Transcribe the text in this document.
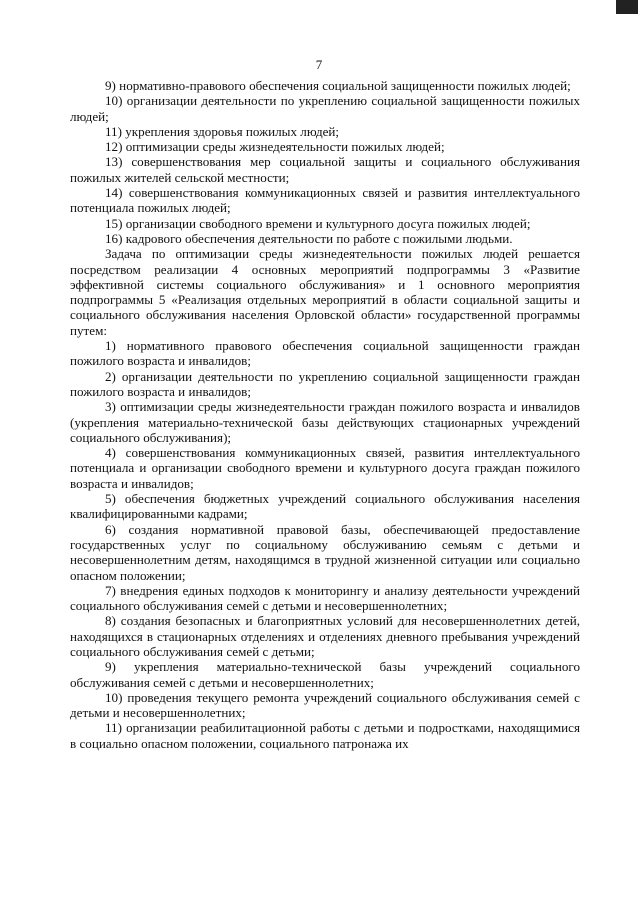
7

9) нормативно-правового обеспечения социальной защищенности пожилых людей;

10) организации деятельности по укреплению социальной защищенности пожилых людей;

11) укрепления здоровья пожилых людей;

12) оптимизации среды жизнедеятельности пожилых людей;

13) совершенствования мер социальной защиты и социального обслуживания пожилых жителей сельской местности;

14) совершенствования коммуникационных связей и развития интеллектуального потенциала пожилых людей;

15) организации свободного времени и культурного досуга пожилых людей;

16) кадрового обеспечения деятельности по работе с пожилыми людьми.

Задача по оптимизации среды жизнедеятельности пожилых людей решается посредством реализации 4 основных мероприятий подпрограммы 3 «Развитие эффективной системы социального обслуживания» и 1 основного мероприятия подпрограммы 5 «Реализация отдельных мероприятий в области социальной защиты и социального обслуживания населения Орловской области» государственной программы путем:

1) нормативного правового обеспечения социальной защищенности граждан пожилого возраста и инвалидов;

2) организации деятельности по укреплению социальной защищенности граждан пожилого возраста и инвалидов;

3) оптимизации среды жизнедеятельности граждан пожилого возраста и инвалидов (укрепления материально-технической базы действующих стационарных учреждений социального обслуживания);

4) совершенствования коммуникационных связей, развития интеллектуального потенциала и организации свободного времени и культурного досуга граждан пожилого возраста и инвалидов;

5) обеспечения бюджетных учреждений социального обслуживания населения квалифицированными кадрами;

6) создания нормативной правовой базы, обеспечивающей предоставление государственных услуг по социальному обслуживанию семьям с детьми и несовершеннолетним детям, находящимся в трудной жизненной ситуации или социально опасном положении;

7) внедрения единых подходов к мониторингу и анализу деятельности учреждений социального обслуживания семей с детьми и несовершеннолетних;

8) создания безопасных и благоприятных условий для несовершеннолетних детей, находящихся в стационарных отделениях и отделениях дневного пребывания учреждений социального обслуживания семей с детьми;

9) укрепления материально-технической базы учреждений социального обслуживания семей с детьми и несовершеннолетних;

10) проведения текущего ремонта учреждений социального обслуживания семей с детьми и несовершеннолетних;

11) организации реабилитационной работы с детьми и подростками, находящимися в социально опасном положении, социального патронажа их
